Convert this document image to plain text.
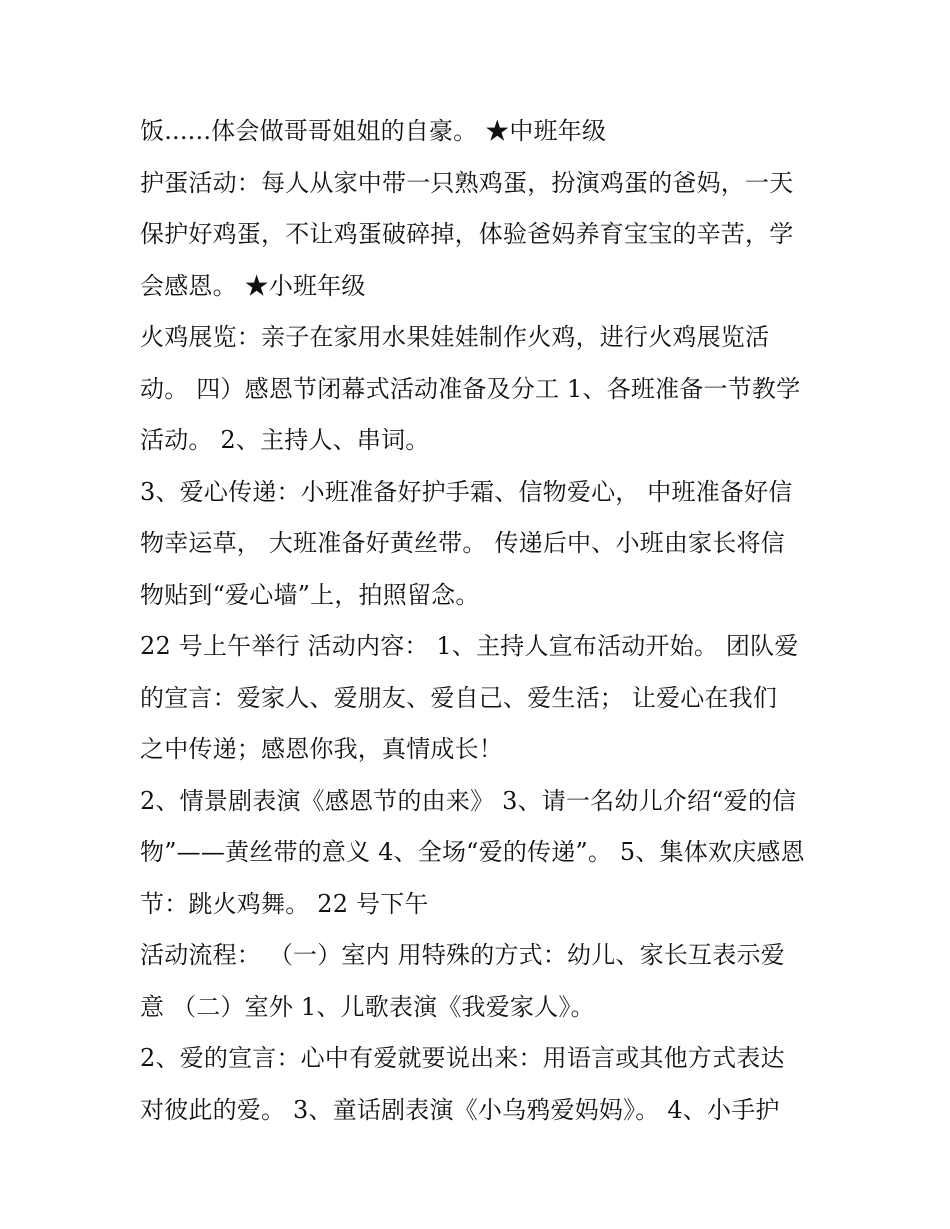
饭......体会做哥哥姐姐的自豪。 ★中班年级
护蛋活动：每人从家中带一只熟鸡蛋，扮演鸡蛋的爸妈，一天
保护好鸡蛋，不让鸡蛋破碎掉，体验爸妈养育宝宝的辛苦，学
会感恩。 ★小班年级
火鸡展览：亲子在家用水果娃娃制作火鸡，进行火鸡展览活
动。 四）感恩节闭幕式活动准备及分工 1、各班准备一节教学
活动。 2、主持人、串词。
3、爱心传递：小班准备好护手霜、信物爱心， 中班准备好信
物幸运草， 大班准备好黄丝带。 传递后中、小班由家长将信
物贴到“爱心墙”上，拍照留念。
22 号上午举行 活动内容： 1、主持人宣布活动开始。 团队爱
的宣言：爱家人、爱朋友、爱自己、爱生活； 让爱心在我们
之中传递；感恩你我，真情成长！
2、情景剧表演《感恩节的由来》 3、请一名幼儿介绍“爱的信
物”——黄丝带的意义 4、全场“爱的传递”。 5、集体欢庆感恩
节：跳火鸡舞。 22 号下午
活动流程： （一）室内 用特殊的方式：幼儿、家长互表示爱
意 （二）室外 1、儿歌表演《我爱家人》。
2、爱的宣言：心中有爱就要说出来：用语言或其他方式表达
对彼此的爱。 3、童话剧表演《小乌鸦爱妈妈》。 4、小手护
